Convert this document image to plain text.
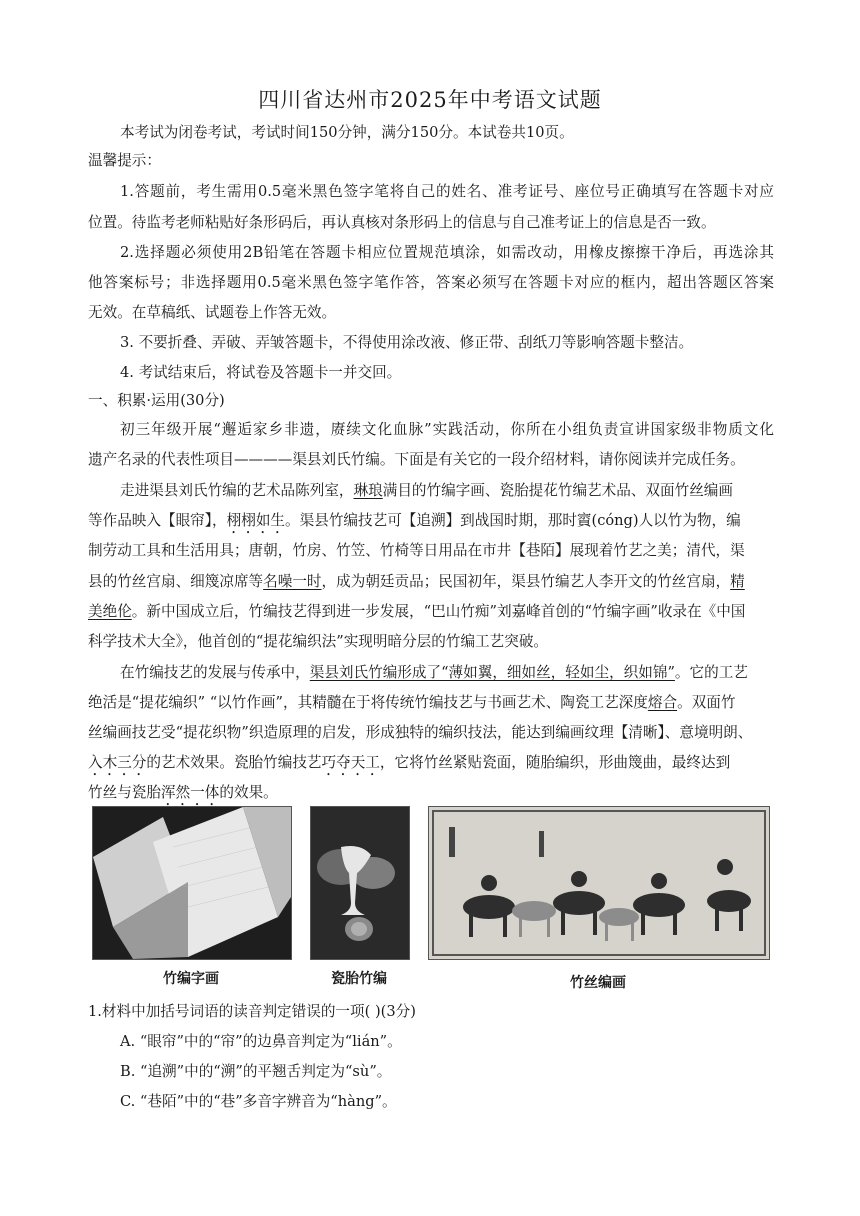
四川省达州市2025年中考语文试题
本考试为闭卷考试，考试时间150分钟，满分150分。本试卷共10页。
温馨提示：
1.答题前，考生需用0.5毫米黑色签字笔将自己的姓名、准考证号、座位号正确填写在答题卡对应
位置。待监考老师粘贴好条形码后，再认真核对条形码上的信息与自己准考证上的信息是否一致。
2.选择题必须使用2B铅笔在答题卡相应位置规范填涂，如需改动，用橡皮擦擦干净后，再选涂其
他答案标号；非选择题用0.5毫米黑色签字笔作答，答案必须写在答题卡对应的框内，超出答题区答案
无效。在草稿纸、试题卷上作答无效。
3. 不要折叠、弄破、弄皱答题卡，不得使用涂改液、修正带、刮纸刀等影响答题卡整洁。
4. 考试结束后，将试卷及答题卡一并交回。
一、积累·运用(30分)
初三年级开展“邂逅家乡非遗，赓续文化血脉”实践活动，你所在小组负责宣讲国家级非物质文化
遗产名录的代表性项目————渠县刘氏竹编。下面是有关它的一段介绍材料，请你阅读并完成任务。
走进渠县刘氏竹编的艺术品陈列室，琳琅满目的竹编字画、瓷胎提花竹编艺术品、双面竹丝编画
等作品映入【眼帘】，栩栩如生。渠县竹编技艺可【追溯】到战国时期，那时賨(cóng)人以竹为物，编
制劳动工具和生活用具；唐朝，竹房、竹笠、竹椅等日用品在市井【巷陌】展现着竹艺之美；清代，渠
县的竹丝宫扇、细篾凉席等名噪一时，成为朝廷贡品；民国初年，渠县竹编艺人李开文的竹丝宫扇，精
美绝伦。新中国成立后，竹编技艺得到进一步发展，“巴山竹痴”刘嘉峰首创的“竹编字画”收录在《中国
科学技术大全》，他首创的“提花编织法”实现明暗分层的竹编工艺突破。
在竹编技艺的发展与传承中，渠县刘氏竹编形成了“薄如翼，细如丝，轻如尘，织如锦”。它的工艺
绝活是“提花编织” “以竹作画”，其精髓在于将传统竹编技艺与书画艺术、陶瓷工艺深度熔合。双面竹
丝编画技艺受“提花织物”织造原理的启发，形成独特的编织技法，能达到编画纹理【清晰】、意境明朗、
入木三分的艺术效果。瓷胎竹编技艺巧夺天工，它将竹丝紧贴瓷面，随胎编织，形曲篾曲，最终达到
竹丝与瓷胎浑然一体的效果。
竹编字画	瓷胎竹编	竹丝编画
1.材料中加括号词语的读音判定错误的一项( )(3分)
A. “眼帘”中的“帘”的边鼻音判定为“lián”。
B. “追溯”中的“溯”的平翘舌判定为“sù”。
C. “巷陌”中的“巷”多音字辨音为“hàng”。
